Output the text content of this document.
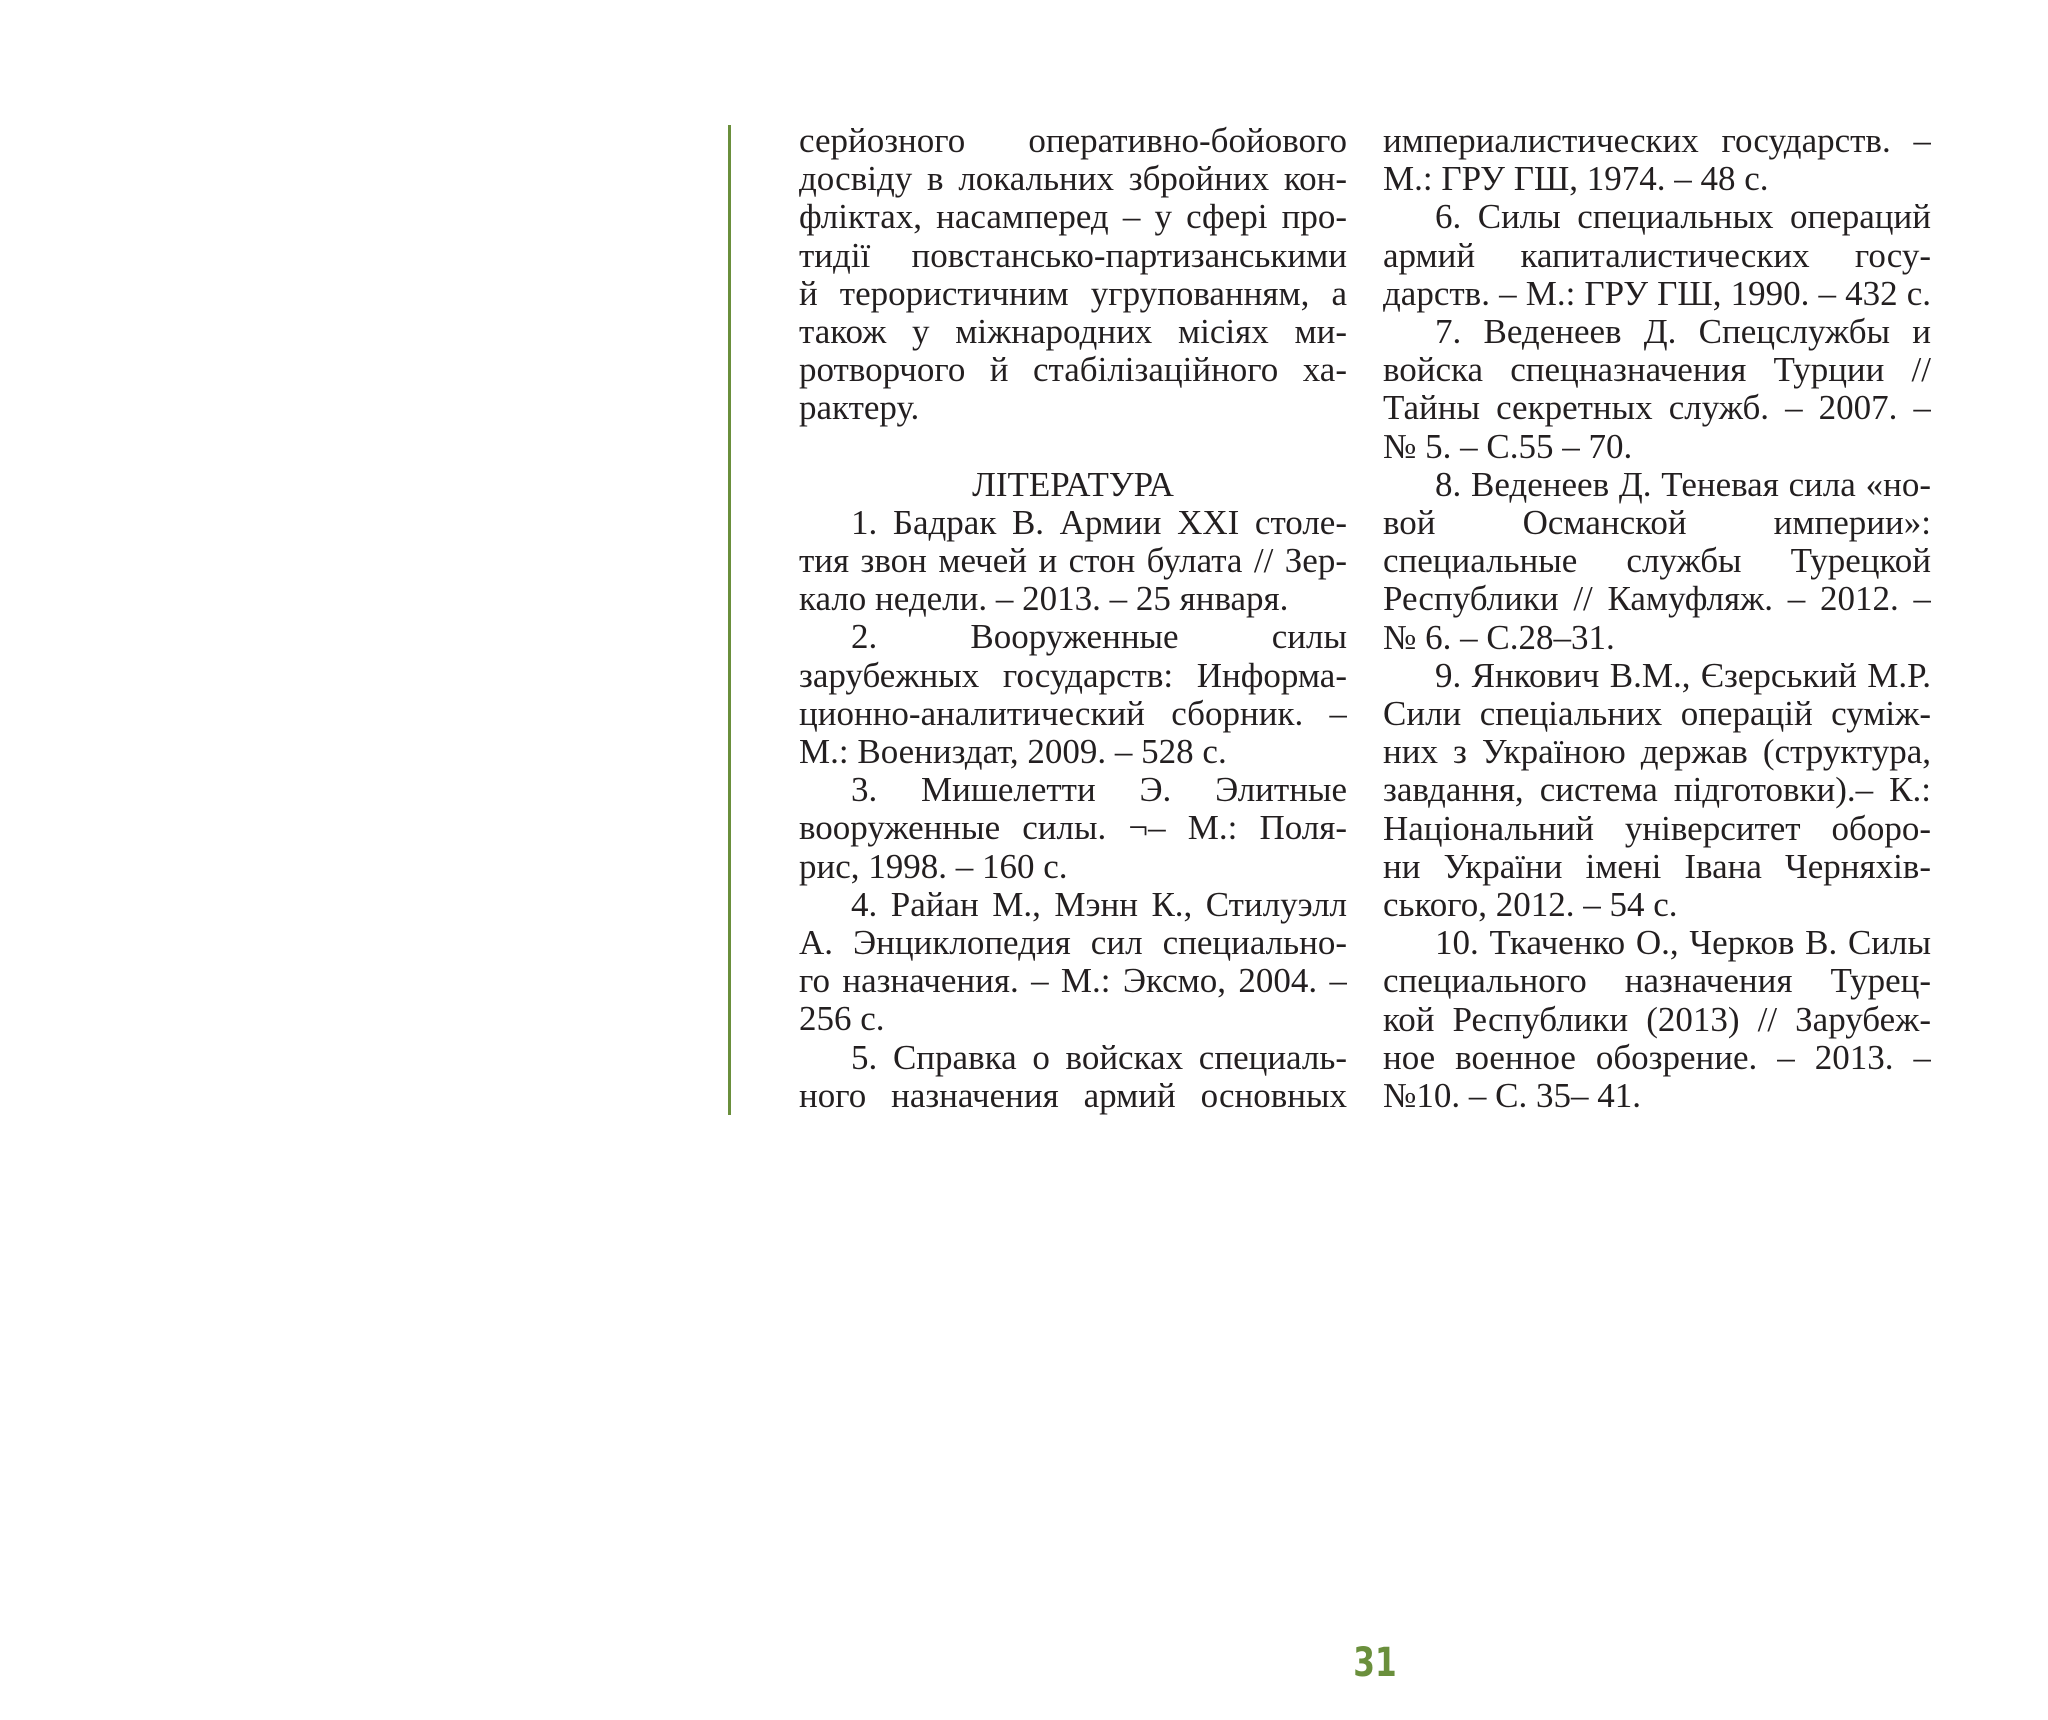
серйозного оперативно-бойового
досвіду в локальних збройних кон-
фліктах, насамперед – у сфері про-
тидії повстансько-партизанськими
й терористичним угрупованням, а
також у міжнародних місіях ми-
ротворчого й стабілізаційного ха-
рактеру.
ЛІТЕРАТУРА
1. Бадрак В. Армии XXI столе-
тия звон мечей и стон булата // Зер-
кало недели. – 2013. – 25 января.
2. Вооруженные силы
зарубежных государств: Информа-
ционно-аналитический сборник. –
М.: Воениздат, 2009. – 528 с.
3. Мишелетти Э. Элитные
вооруженные силы. ¬– М.: Поля-
рис, 1998. – 160 с.
4. Райан М., Мэнн К., Стилуэлл
А. Энциклопедия сил специально-
го назначения. – М.: Эксмо, 2004. –
256 с.
5. Справка о войсках специаль-
ного назначения армий основных
империалистических государств. –
М.: ГРУ ГШ, 1974. – 48 с.
6. Силы специальных операций
армий капиталистических госу-
дарств. – М.: ГРУ ГШ, 1990. – 432 с.
7. Веденеев Д. Спецслужбы и
войска спецназначения Турции //
Тайны секретных служб. – 2007. –
№ 5. – С.55 – 70.
8. Веденеев Д. Теневая сила «но-
вой Османской империи»:
специальные службы Турецкой
Республики // Камуфляж. – 2012. –
№ 6. – С.28–31.
9. Янкович В.М., Єзерський М.Р.
Сили спеціальних операцій сумiж-
них з Україною держав (структура,
завдання, система підготовки).– К.:
Національний університет оборо-
ни України імені Івана Черняхів-
ського, 2012. – 54 с.
10. Ткаченко О., Черков В. Силы
специального назначения Турец-
кой Республики (2013) // Зарубеж-
ное военное обозрение. – 2013. –
№10. – С. 35– 41.
31
